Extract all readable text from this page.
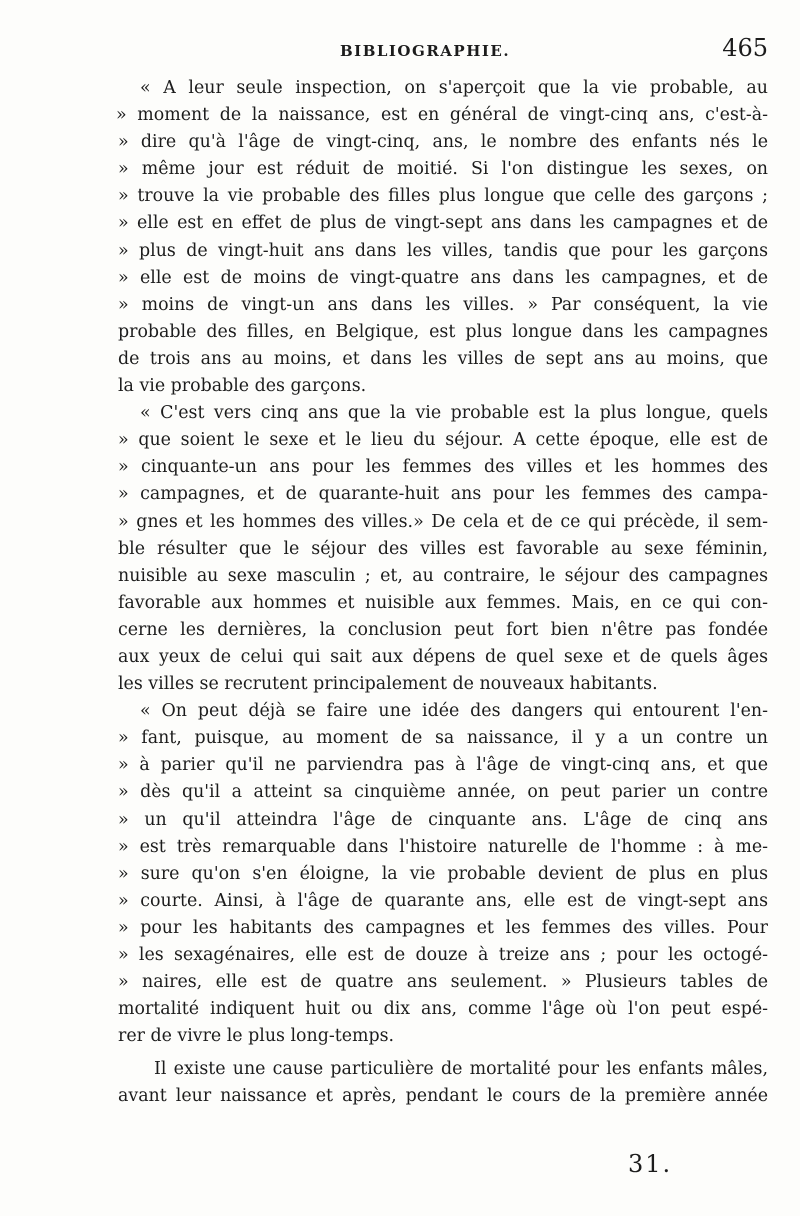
BIBLIOGRAPHIE.	465
« A leur seule inspection, on s'aperçoit que la vie probable, au
» moment de la naissance, est en général de vingt-cinq ans, c'est-à-
» dire qu'à l'âge de vingt-cinq, ans, le nombre des enfants nés le
» même jour est réduit de moitié. Si l'on distingue les sexes, on
» trouve la vie probable des filles plus longue que celle des garçons ;
» elle est en effet de plus de vingt-sept ans dans les campagnes et de
» plus de vingt-huit ans dans les villes, tandis que pour les garçons
» elle est de moins de vingt-quatre ans dans les campagnes, et de
» moins de vingt-un ans dans les villes. » Par conséquent, la vie
probable des filles, en Belgique, est plus longue dans les campagnes
de trois ans au moins, et dans les villes de sept ans au moins, que
la vie probable des garçons.
« C'est vers cinq ans que la vie probable est la plus longue, quels
» que soient le sexe et le lieu du séjour. A cette époque, elle est de
» cinquante-un ans pour les femmes des villes et les hommes des
» campagnes, et de quarante-huit ans pour les femmes des campa-
» gnes et les hommes des villes.» De cela et de ce qui précède, il sem-
ble résulter que le séjour des villes est favorable au sexe féminin,
nuisible au sexe masculin ; et, au contraire, le séjour des campagnes
favorable aux hommes et nuisible aux femmes. Mais, en ce qui con-
cerne les dernières, la conclusion peut fort bien n'être pas fondée
aux yeux de celui qui sait aux dépens de quel sexe et de quels âges
les villes se recrutent principalement de nouveaux habitants.
« On peut déjà se faire une idée des dangers qui entourent l'en-
» fant, puisque, au moment de sa naissance, il y a un contre un
» à parier qu'il ne parviendra pas à l'âge de vingt-cinq ans, et que
» dès qu'il a atteint sa cinquième année, on peut parier un contre
» un qu'il atteindra l'âge de cinquante ans. L'âge de cinq ans
» est très remarquable dans l'histoire naturelle de l'homme : à me-
» sure qu'on s'en éloigne, la vie probable devient de plus en plus
» courte. Ainsi, à l'âge de quarante ans, elle est de vingt-sept ans
» pour les habitants des campagnes et les femmes des villes. Pour
» les sexagénaires, elle est de douze à treize ans ; pour les octogé-
» naires, elle est de quatre ans seulement. » Plusieurs tables de
mortalité indiquent huit ou dix ans, comme l'âge où l'on peut espé-
rer de vivre le plus long-temps.
Il existe une cause particulière de mortalité pour les enfants mâles,
avant leur naissance et après, pendant le cours de la première année
31.
